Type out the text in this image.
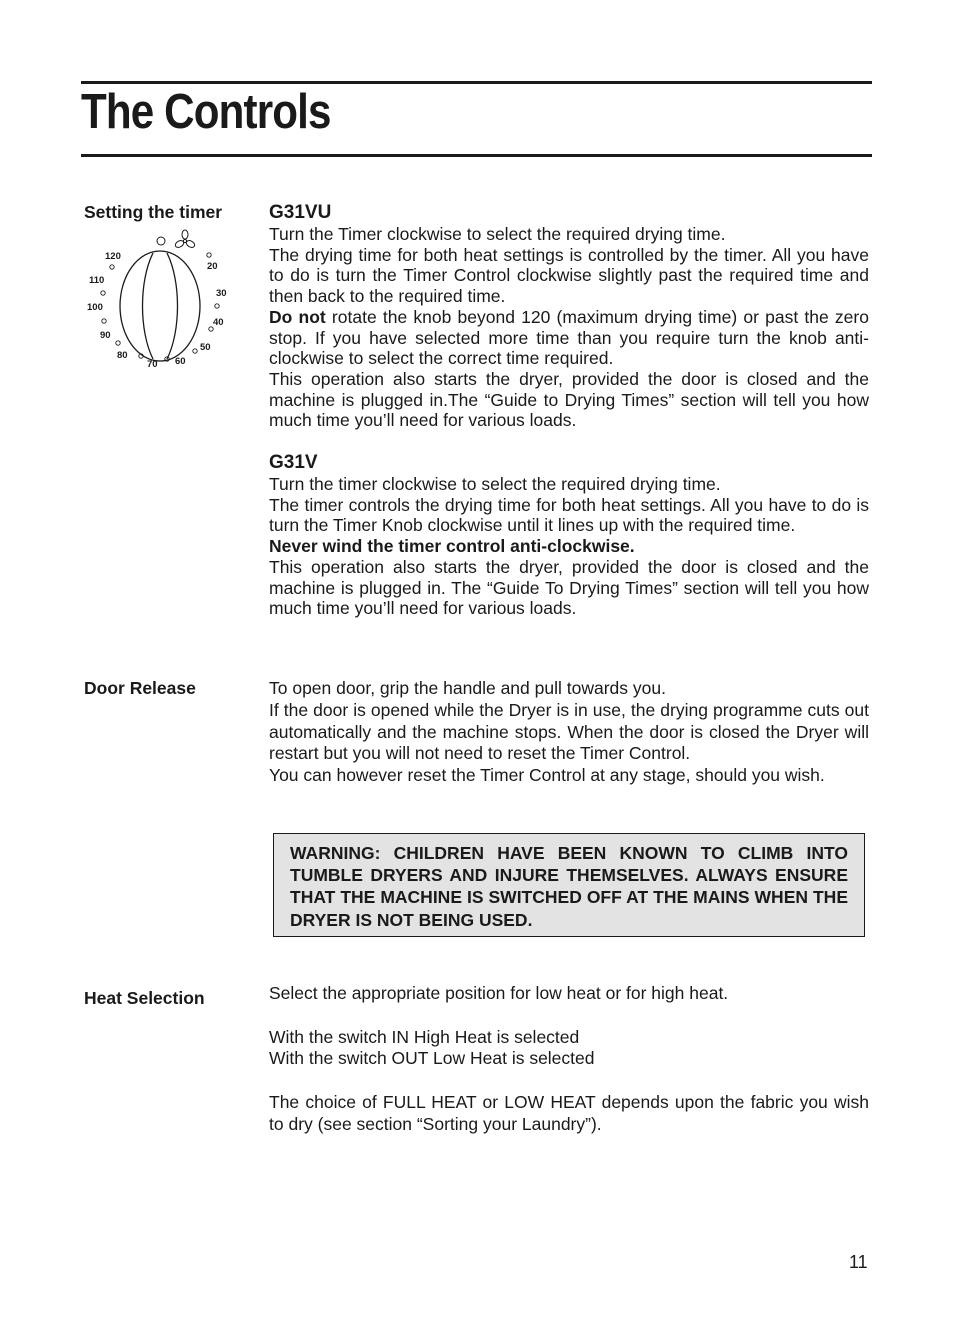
The Controls
Setting the timer
120
110
100
90
80
70 60
50
40
30
20
G31VU

Turn the Timer clockwise to select the required drying time.

The drying time for both heat settings is controlled by the timer. All you have to do is turn the Timer Control clockwise slightly past the required time and then back to the required time.

Do not rotate the knob beyond 120 (maximum drying time) or past the zero stop. If you have selected more time than you require turn the knob anti-clockwise to select the correct time required.

This operation also starts the dryer, provided the door is closed and the machine is plugged in.The “Guide to Drying Times” section will tell you how much time you’ll need for various loads.

G31V

Turn the timer clockwise to select the required drying time.

The timer controls the drying time for both heat settings. All you have to do is turn the Timer Knob clockwise until it lines up with the required time.

Never wind the timer control anti-clockwise.

This operation also starts the dryer, provided the door is closed and the machine is plugged in. The “Guide To Drying Times” section will tell you how much time you’ll need for various loads.

Door Release	To open door, grip the handle and pull towards you.

If the door is opened while the Dryer is in use, the drying programme cuts out automatically and the machine stops. When the door is closed the Dryer will restart but you will not need to reset the Timer Control.

You can however reset the Timer Control at any stage, should you wish.

WARNING: CHILDREN HAVE BEEN KNOWN TO CLIMB INTO TUMBLE DRYERS AND INJURE THEMSELVES. ALWAYS ENSURE THAT THE MACHINE IS SWITCHED OFF AT THE MAINS WHEN THE DRYER IS NOT BEING USED.

Heat Selection	Select the appropriate position for low heat or for high heat.

With the switch IN High Heat is selected

With the switch OUT Low Heat is selected

The choice of FULL HEAT or LOW HEAT depends upon the fabric you wish to dry (see section “Sorting your Laundry”).

11
